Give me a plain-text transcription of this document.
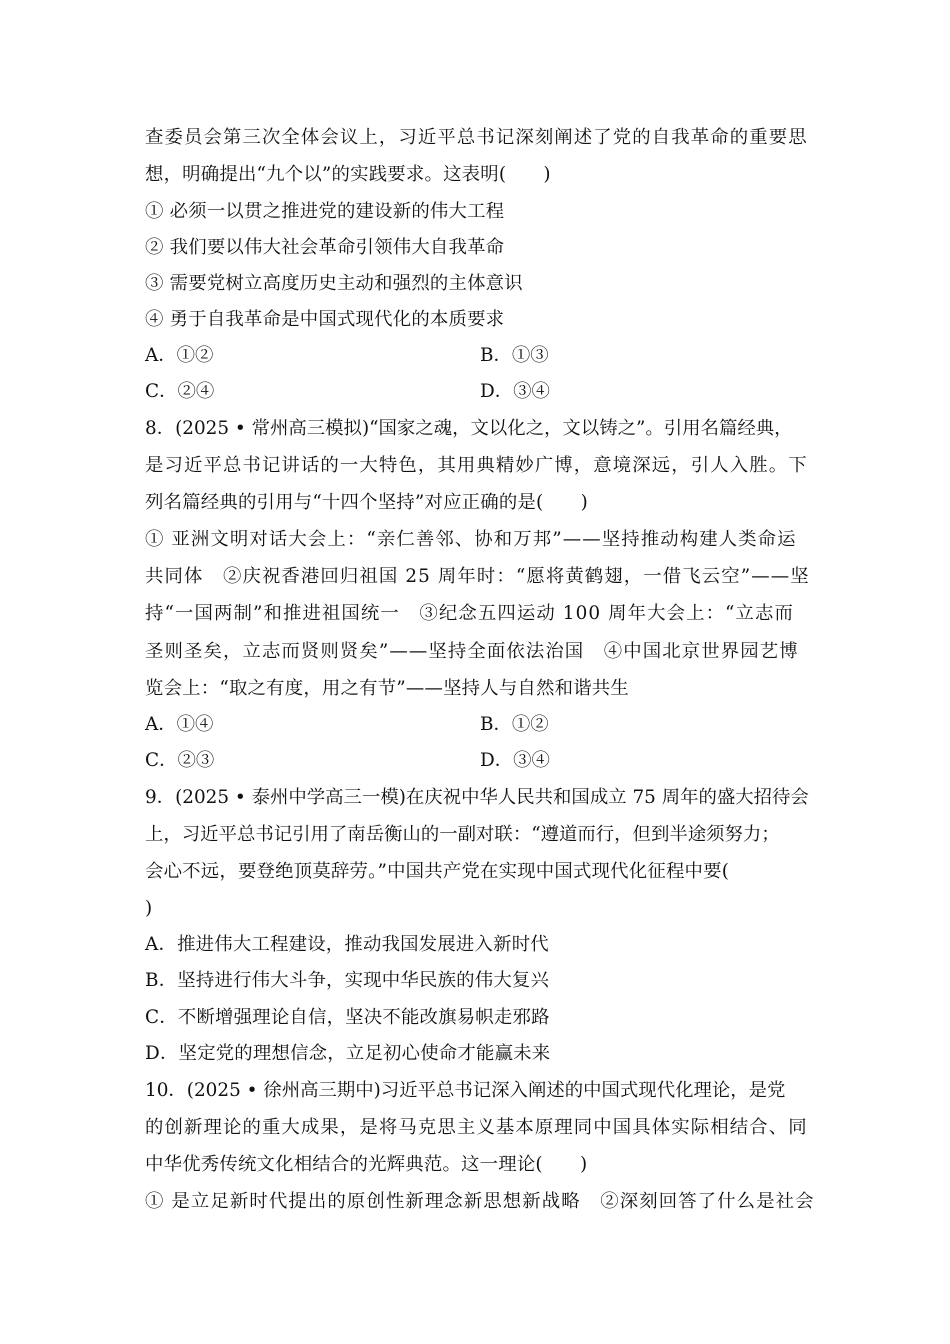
查委员会第三次全体会议上，习近平总书记深刻阐述了党的自我革命的重要思
想，明确提出“九个以”的实践要求。这表明(　　)
① 必须一以贯之推进党的建设新的伟大工程
② 我们要以伟大社会革命引领伟大自我革命
③ 需要党树立高度历史主动和强烈的主体意识
④ 勇于自我革命是中国式现代化的本质要求
A．①②	B．①③
C．②④	D．③④
8．(2025 • 常州高三模拟)“国家之魂，文以化之，文以铸之”。引用名篇经典，
是习近平总书记讲话的一大特色，其用典精妙广博，意境深远，引人入胜。下
列名篇经典的引用与“十四个坚持”对应正确的是(　　)
① 亚洲文明对话大会上：“亲仁善邻、协和万邦”——坚持推动构建人类命运
共同体　②庆祝香港回归祖国 25 周年时：“愿将黄鹤翅，一借飞云空”——坚
持“一国两制”和推进祖国统一　③纪念五四运动 100 周年大会上：“立志而
圣则圣矣，立志而贤则贤矣”——坚持全面依法治国　④中国北京世界园艺博
览会上：“取之有度，用之有节”——坚持人与自然和谐共生
A．①④	B．①②
C．②③	D．③④
9．(2025 • 泰州中学高三一模)在庆祝中华人民共和国成立 75 周年的盛大招待会
上，习近平总书记引用了南岳衡山的一副对联：“遵道而行，但到半途须努力；
会心不远，要登绝顶莫辞劳。”中国共产党在实现中国式现代化征程中要(
)
A．推进伟大工程建设，推动我国发展进入新时代
B．坚持进行伟大斗争，实现中华民族的伟大复兴
C．不断增强理论自信，坚决不能改旗易帜走邪路
D．坚定党的理想信念，立足初心使命才能赢未来
10．(2025 • 徐州高三期中)习近平总书记深入阐述的中国式现代化理论，是党
的创新理论的重大成果，是将马克思主义基本原理同中国具体实际相结合、同
中华优秀传统文化相结合的光辉典范。这一理论(　　)
① 是立足新时代提出的原创性新理念新思想新战略　②深刻回答了什么是社会
